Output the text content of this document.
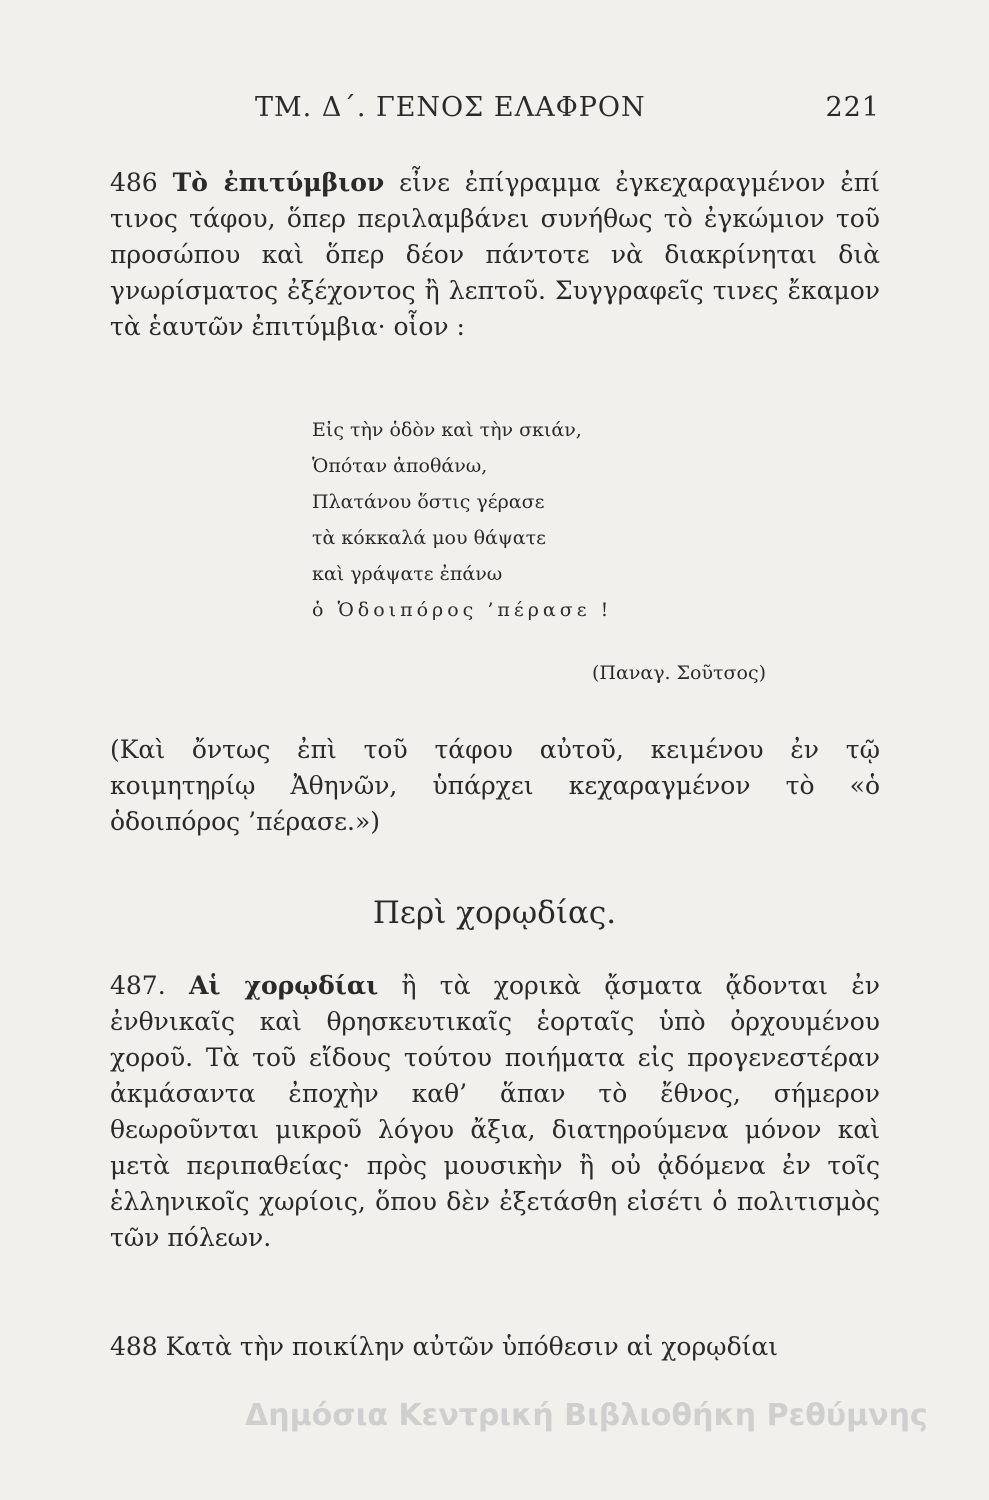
ΤΜ. Δ΄. ΓΕΝΟΣ ΕΛΑΦΡΟΝ	221

486 Τὸ ἐπιτύμβιον εἶνε ἐπίγραμμα ἐγκεχαραγμένον ἐπί τινος τάφου, ὅπερ περιλαμβάνει συνήθως τὸ ἐγκώμιον τοῦ προσώπου καὶ ὅπερ δέον πάντοτε νὰ διακρίνηται διὰ γνωρίσματος ἐξέχοντος ἢ λεπτοῦ. Συγγραφεῖς τινες ἔκαμον τὰ ἑαυτῶν ἐπιτύμβια· οἷον :

Εἰς τὴν ὁδὸν καὶ τὴν σκιάν,
Ὁπόταν ἀποθάνω,
Πλατάνου ὅστις γέρασε
τὰ κόκκαλά μου θάψατε
καὶ γράψατε ἐπάνω
ὁ Ὁδοιπόρος ’πέρασε !
(Παναγ. Σοῦτσος)

(Καὶ ὄντως ἐπὶ τοῦ τάφου αὐτοῦ, κειμένου ἐν τῷ κοιμητηρίῳ Ἀθηνῶν, ὑπάρχει κεχαραγμένον τὸ «ὁ ὁδοιπόρος ’πέρασε.»)

Περὶ χορῳδίας.

487. Αἱ χορῳδίαι ἢ τὰ χορικὰ ᾄσματα ᾄδονται ἐν ἐνθνικαῖς καὶ θρησκευτικαῖς ἑορταῖς ὑπὸ ὀρχουμένου χοροῦ. Τὰ τοῦ εἴδους τούτου ποιήματα εἰς προγενεστέραν ἀκμάσαντα ἐποχὴν καθ’ ἅπαν τὸ ἔθνος, σήμερον θεωροῦνται μικροῦ λόγου ἄξια, διατηρούμενα μόνον καὶ μετὰ περιπαθείας· πρὸς μουσικὴν ἢ οὐ ᾀδόμενα ἐν τοῖς ἑλληνικοῖς χωρίοις, ὅπου δὲν ἐξετάσθη εἰσέτι ὁ πολιτισμὸς τῶν πόλεων.

488 Κατὰ τὴν ποικίλην αὐτῶν ὑπόθεσιν αἱ χορῳδίαι

Δημόσια Κεντρική Βιβλιοθήκη Ρεθύμνης
